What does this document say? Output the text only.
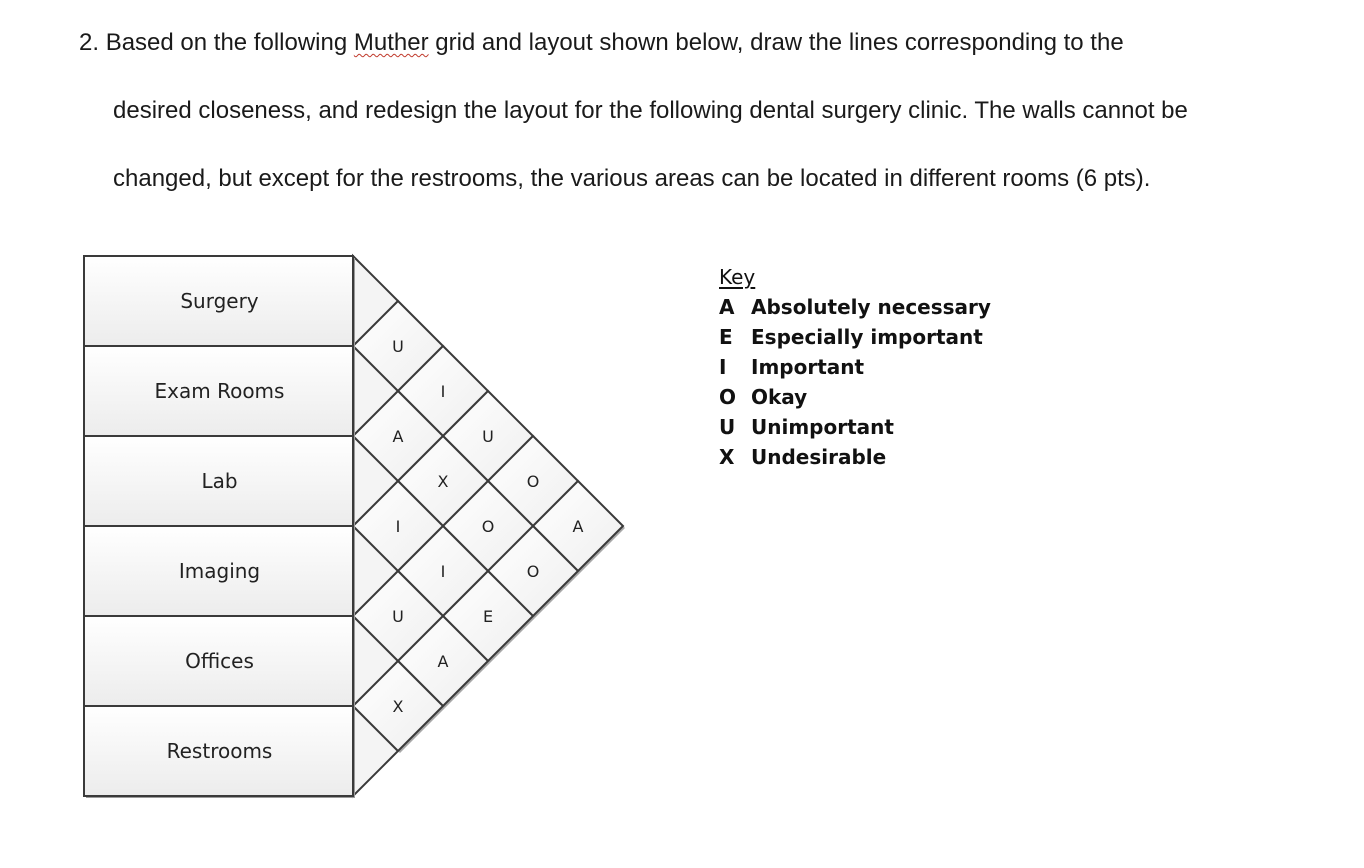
2. Based on the following Muther grid and layout shown below, draw the lines corresponding to the
desired closeness, and redesign the layout for the following dental surgery clinic. The walls cannot be
changed, but except for the restrooms, the various areas can be located in different rooms (6 pts).
U
I
U
O
A
A
X
O
O
I
I
E
U
A
X
Surgery
Exam Rooms
Lab
Imaging
Offices
Restrooms
Key
A Absolutely necessary
E Especially important
I Important
O Okay
U Unimportant
X Undesirable
